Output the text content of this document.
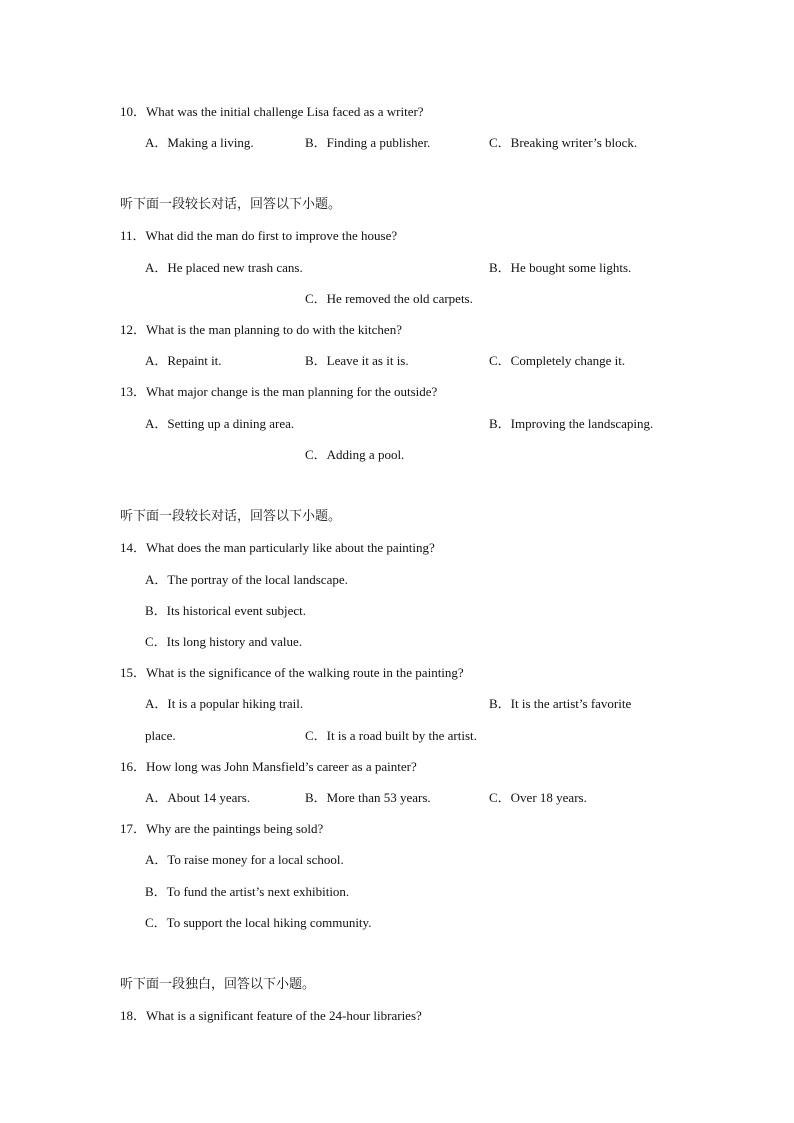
10．What was the initial challenge Lisa faced as a writer?
A．Making a living.	B．Finding a publisher.	C．Breaking writer’s block.
听下面一段较长对话，回答以下小题。
11．What did the man do first to improve the house?
A．He placed new trash cans.	B．He bought some lights.
C．He removed the old carpets.
12．What is the man planning to do with the kitchen?
A．Repaint it.	B．Leave it as it is.	C．Completely change it.
13．What major change is the man planning for the outside?
A．Setting up a dining area.	B．Improving the landscaping.
C．Adding a pool.
听下面一段较长对话，回答以下小题。
14．What does the man particularly like about the painting?
A．The portray of the local landscape.
B．Its historical event subject.
C．Its long history and value.
15．What is the significance of the walking route in the painting?
A．It is a popular hiking trail.	B．It is the artist’s favorite
place.	C．It is a road built by the artist.
16．How long was John Mansfield’s career as a painter?
A．About 14 years.	B．More than 53 years.	C．Over 18 years.
17．Why are the paintings being sold?
A．To raise money for a local school.
B．To fund the artist’s next exhibition.
C．To support the local hiking community.
听下面一段独白，回答以下小题。
18．What is a significant feature of the 24-hour libraries?
